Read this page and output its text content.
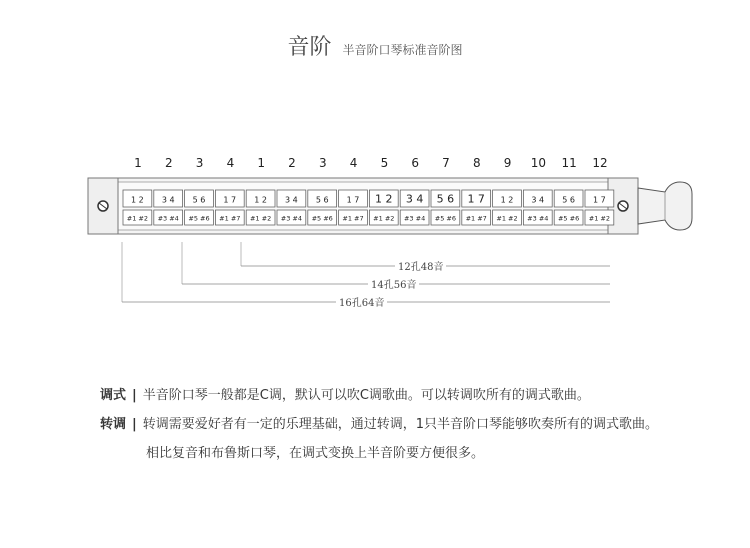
音阶 半音阶口琴标准音阶图
1	2	3	4	1	2	3	4	5	6	7	8	9	10	11	12
1 2
#1 #2
3 4
#3 #4
5 6
#5 #6
1 7
#1 #7
1 2
#1 #2
3 4
#3 #4
5 6
#5 #6
1 7
#1 #7
1 2
#1 #2
3 4
#3 #4
5 6
#5 #6
1 7
#1 #7
1 2
#1 #2
3 4
#3 #4
5 6
#5 #6
1 7
#1 #2
12孔48音
14孔56音
16孔64音
调式 | 半音阶口琴一般都是C调，默认可以吹C调歌曲。可以转调吹所有的调式歌曲。
转调 | 转调需要爱好者有一定的乐理基础，通过转调，1只半音阶口琴能够吹奏所有的调式歌曲。
相比复音和布鲁斯口琴，在调式变换上半音阶要方便很多。
